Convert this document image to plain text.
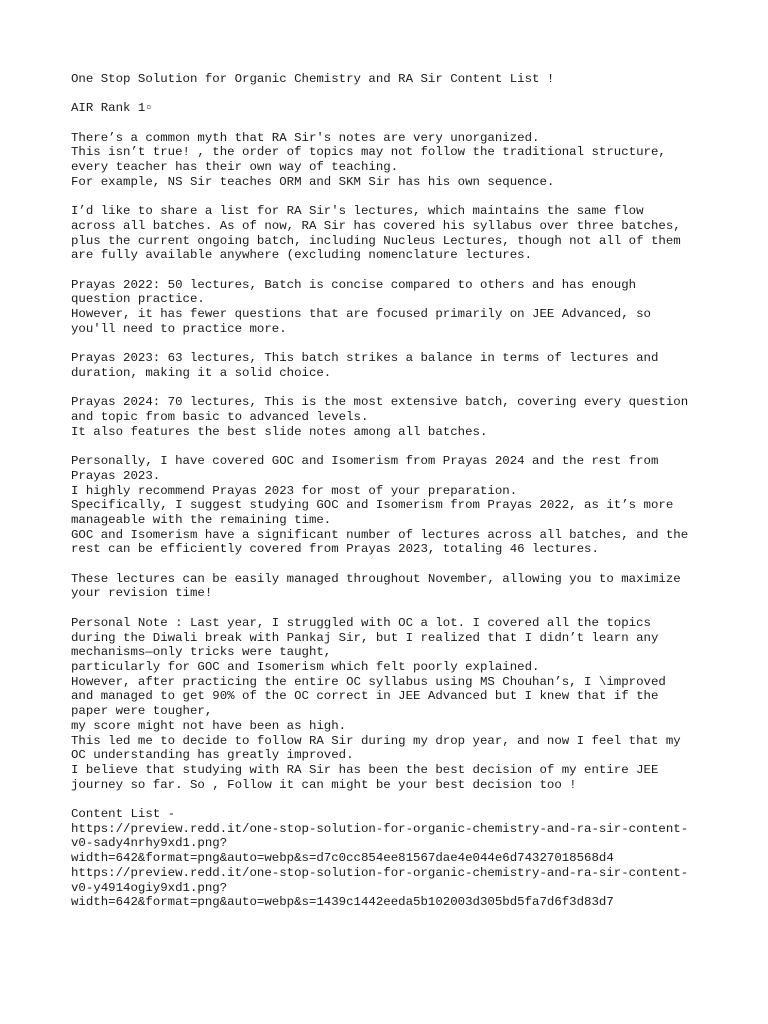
One Stop Solution for Organic Chemistry and RA Sir Content List !
AIR Rank 1▫
There’s a common myth that RA Sir's notes are very unorganized.
This isn’t true! , the order of topics may not follow the traditional structure,
every teacher has their own way of teaching.
For example, NS Sir teaches ORM and SKM Sir has his own sequence.
I’d like to share a list for RA Sir's lectures, which maintains the same flow
across all batches. As of now, RA Sir has covered his syllabus over three batches,
plus the current ongoing batch, including Nucleus Lectures, though not all of them
are fully available anywhere (excluding nomenclature lectures.
Prayas 2022: 50 lectures, Batch is concise compared to others and has enough
question practice.
However, it has fewer questions that are focused primarily on JEE Advanced, so
you'll need to practice more.
Prayas 2023: 63 lectures, This batch strikes a balance in terms of lectures and
duration, making it a solid choice.
Prayas 2024: 70 lectures, This is the most extensive batch, covering every question
and topic from basic to advanced levels.
It also features the best slide notes among all batches.
Personally, I have covered GOC and Isomerism from Prayas 2024 and the rest from
Prayas 2023.
I highly recommend Prayas 2023 for most of your preparation.
Specifically, I suggest studying GOC and Isomerism from Prayas 2022, as it’s more
manageable with the remaining time.
GOC and Isomerism have a significant number of lectures across all batches, and the
rest can be efficiently covered from Prayas 2023, totaling 46 lectures.
These lectures can be easily managed throughout November, allowing you to maximize
your revision time!
Personal Note : Last year, I struggled with OC a lot. I covered all the topics
during the Diwali break with Pankaj Sir, but I realized that I didn’t learn any
mechanisms—only tricks were taught,
particularly for GOC and Isomerism which felt poorly explained.
However, after practicing the entire OC syllabus using MS Chouhan’s, I \improved
and managed to get 90% of the OC correct in JEE Advanced but I knew that if the
paper were tougher,
my score might not have been as high.
This led me to decide to follow RA Sir during my drop year, and now I feel that my
OC understanding has greatly improved.
I believe that studying with RA Sir has been the best decision of my entire JEE
journey so far. So , Follow it can might be your best decision too !
Content List -
https://preview.redd.it/one-stop-solution-for-organic-chemistry-and-ra-sir-content-
v0-sady4nrhy9xd1.png?
width=642&format=png&auto=webp&s=d7c0cc854ee81567dae4e044e6d74327018568d4
https://preview.redd.it/one-stop-solution-for-organic-chemistry-and-ra-sir-content-
v0-y4914ogiy9xd1.png?
width=642&format=png&auto=webp&s=1439c1442eeda5b102003d305bd5fa7d6f3d83d7
